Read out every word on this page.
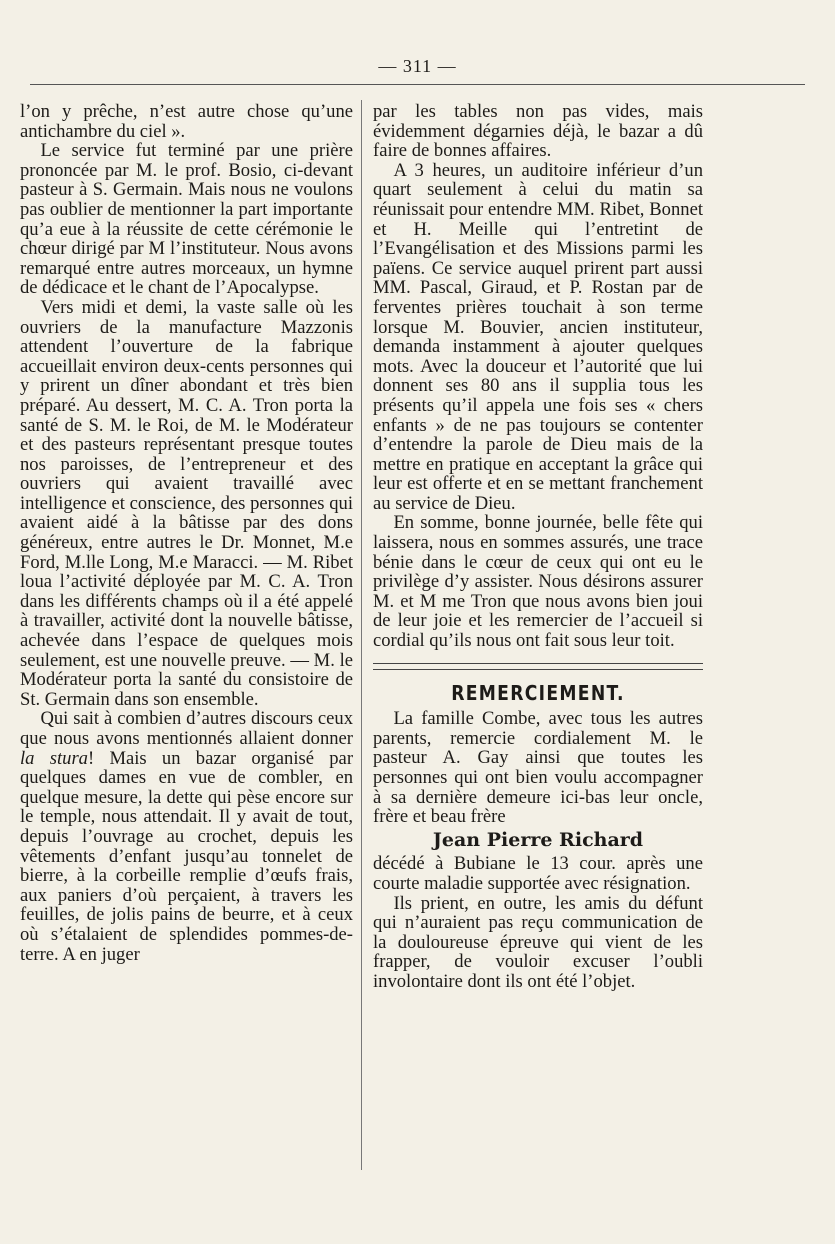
— 311 —

l’on y prêche, n’est autre chose qu’une antichambre du ciel ».

Le service fut terminé par une prière prononcée par M. le prof. Bosio, ci-devant pasteur à S. Germain. Mais nous ne voulons pas oublier de mentionner la part importante qu’a eue à la réussite de cette cérémonie le chœur dirigé par M l’instituteur. Nous avons remarqué entre autres morceaux, un hymne de dédicace et le chant de l’Apocalypse.

Vers midi et demi, la vaste salle où les ouvriers de la manufacture Mazzonis attendent l’ouverture de la fabrique accueillait environ deux-cents personnes qui y prirent un dîner abondant et très bien préparé. Au dessert, M. C. A. Tron porta la santé de S. M. le Roi, de M. le Modérateur et des pasteurs représentant presque toutes nos paroisses, de l’entrepreneur et des ouvriers qui avaient travaillé avec intelligence et conscience, des personnes qui avaient aidé à la bâtisse par des dons généreux, entre autres le Dr. Monnet, M.e Ford, M.lle Long, M.e Maracci. — M. Ribet loua l’activité déployée par M. C. A. Tron dans les différents champs où il a été appelé à travailler, activité dont la nouvelle bâtisse, achevée dans l’espace de quelques mois seulement, est une nouvelle preuve. — M. le Modérateur porta la santé du consistoire de St. Germain dans son ensemble.

Qui sait à combien d’autres discours ceux que nous avons mentionnés allaient donner la stura! Mais un bazar organisé par quelques dames en vue de combler, en quelque mesure, la dette qui pèse encore sur le temple, nous attendait. Il y avait de tout, depuis l’ouvrage au crochet, depuis les vêtements d’enfant jusqu’au tonnelet de bierre, à la corbeille remplie d’œufs frais, aux paniers d’où perçaient, à travers les feuilles, de jolis pains de beurre, et à ceux où s’étalaient de splendides pommes-de-terre. A en juger

par les tables non pas vides, mais évidemment dégarnies déjà, le bazar a dû faire de bonnes affaires.

A 3 heures, un auditoire inférieur d’un quart seulement à celui du matin sa réunissait pour entendre MM. Ribet, Bonnet et H. Meille qui l’entretint de l’Evangélisation et des Missions parmi les païens. Ce service auquel prirent part aussi MM. Pascal, Giraud, et P. Rostan par de ferventes prières touchait à son terme lorsque M. Bouvier, ancien instituteur, demanda instamment à ajouter quelques mots. Avec la douceur et l’autorité que lui donnent ses 80 ans il supplia tous les présents qu’il appela une fois ses « chers enfants » de ne pas toujours se contenter d’entendre la parole de Dieu mais de la mettre en pratique en acceptant la grâce qui leur est offerte et en se mettant franchement au service de Dieu.

En somme, bonne journée, belle fête qui laissera, nous en sommes assurés, une trace bénie dans le cœur de ceux qui ont eu le privilège d’y assister. Nous désirons assurer M. et M me Tron que nous avons bien joui de leur joie et les remercier de l’accueil si cordial qu’ils nous ont fait sous leur toit.

REMERCIEMENT.

La famille Combe, avec tous les autres parents, remercie cordialement M. le pasteur A. Gay ainsi que toutes les personnes qui ont bien voulu accompagner à sa dernière demeure ici-bas leur oncle, frère et beau frère

Jean Pierre Richard

décédé à Bubiane le 13 cour. après une courte maladie supportée avec résignation.

Ils prient, en outre, les amis du défunt qui n’auraient pas reçu communication de la douloureuse épreuve qui vient de les frapper, de vouloir excuser l’oubli involontaire dont ils ont été l’objet.
